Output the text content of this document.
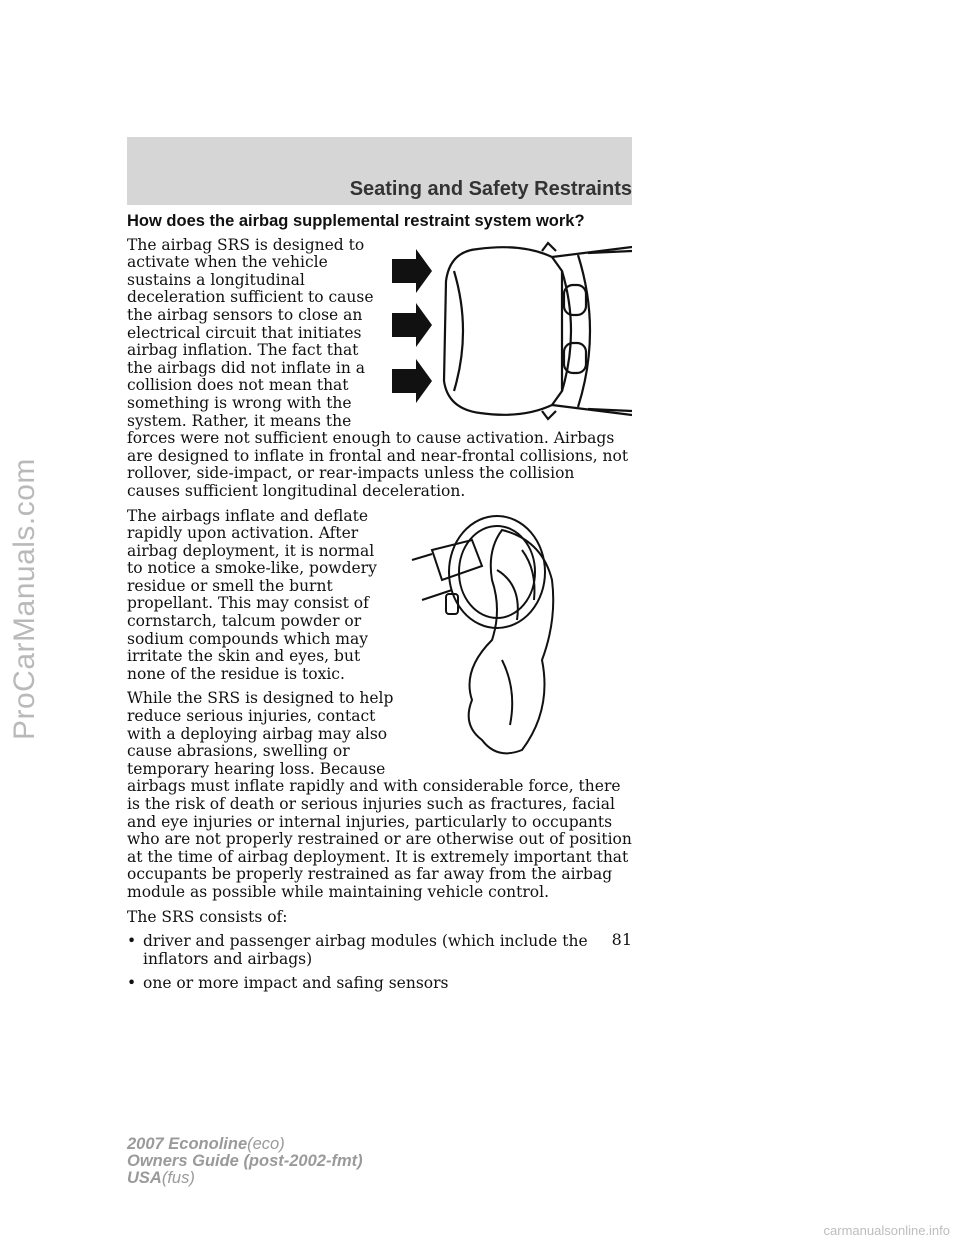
ProCarManuals.com
Seating and Safety Restraints
How does the airbag supplemental restraint system work?

The airbag SRS is designed to activate when the vehicle sustains a longitudinal deceleration sufficient to cause the airbag sensors to close an electrical circuit that initiates airbag inflation. The fact that the airbags did not inflate in a collision does not mean that something is wrong with the system. Rather, it means the forces were not sufficient enough to cause activation. Airbags are designed to inflate in frontal and near-frontal collisions, not rollover, side-impact, or rear-impacts unless the collision causes sufficient longitudinal deceleration.

The airbags inflate and deflate rapidly upon activation. After airbag deployment, it is normal to notice a smoke-like, powdery residue or smell the burnt propellant. This may consist of cornstarch, talcum powder or sodium compounds which may irritate the skin and eyes, but none of the residue is toxic.

While the SRS is designed to help reduce serious injuries, contact with a deploying airbag may also cause abrasions, swelling or temporary hearing loss. Because airbags must inflate rapidly and with considerable force, there is the risk of death or serious injuries such as fractures, facial and eye injuries or internal injuries, particularly to occupants who are not properly restrained or are otherwise out of position at the time of airbag deployment. It is extremely important that occupants be properly restrained as far away from the airbag module as possible while maintaining vehicle control.

The SRS consists of:

• driver and passenger airbag modules (which include the inflators and airbags)
• one or more impact and safing sensors
81
2007 Econoline(eco)
Owners Guide (post-2002-fmt)
USA(fus)
carmanualsonline.info
